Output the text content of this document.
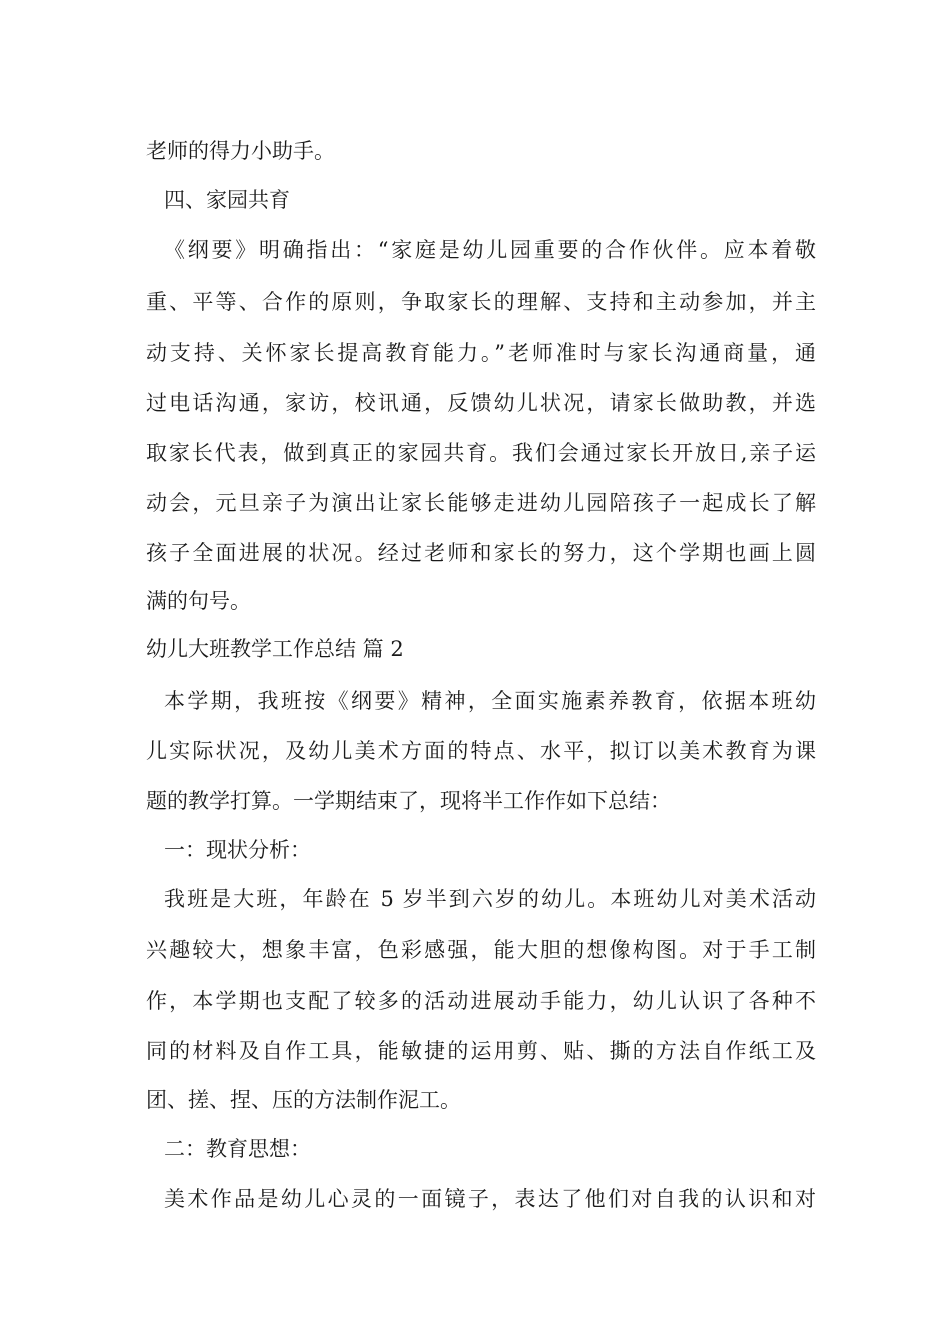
老师的得力小助手。
四、家园共育
《纲要》明确指出：“家庭是幼儿园重要的合作伙伴。应本着敬
重、平等、合作的原则，争取家长的理解、支持和主动参加，并主
动支持、关怀家长提高教育能力。”老师准时与家长沟通商量，通
过电话沟通，家访，校讯通，反馈幼儿状况，请家长做助教，并选
取家长代表，做到真正的家园共育。我们会通过家长开放日,亲子运
动会，元旦亲子为演出让家长能够走进幼儿园陪孩子一起成长了解
孩子全面进展的状况。经过老师和家长的努力，这个学期也画上圆
满的句号。
幼儿大班教学工作总结 篇 2
本学期，我班按《纲要》精神，全面实施素养教育，依据本班幼
儿实际状况，及幼儿美术方面的特点、水平，拟订以美术教育为课
题的教学打算。一学期结束了，现将半工作作如下总结：
一：现状分析：
我班是大班，年龄在 5 岁半到六岁的幼儿。本班幼儿对美术活动
兴趣较大，想象丰富，色彩感强，能大胆的想像构图。对于手工制
作，本学期也支配了较多的活动进展动手能力，幼儿认识了各种不
同的材料及自作工具，能敏捷的运用剪、贴、撕的方法自作纸工及
团、搓、捏、压的方法制作泥工。
二：教育思想：
美术作品是幼儿心灵的一面镜子，表达了他们对自我的认识和对
